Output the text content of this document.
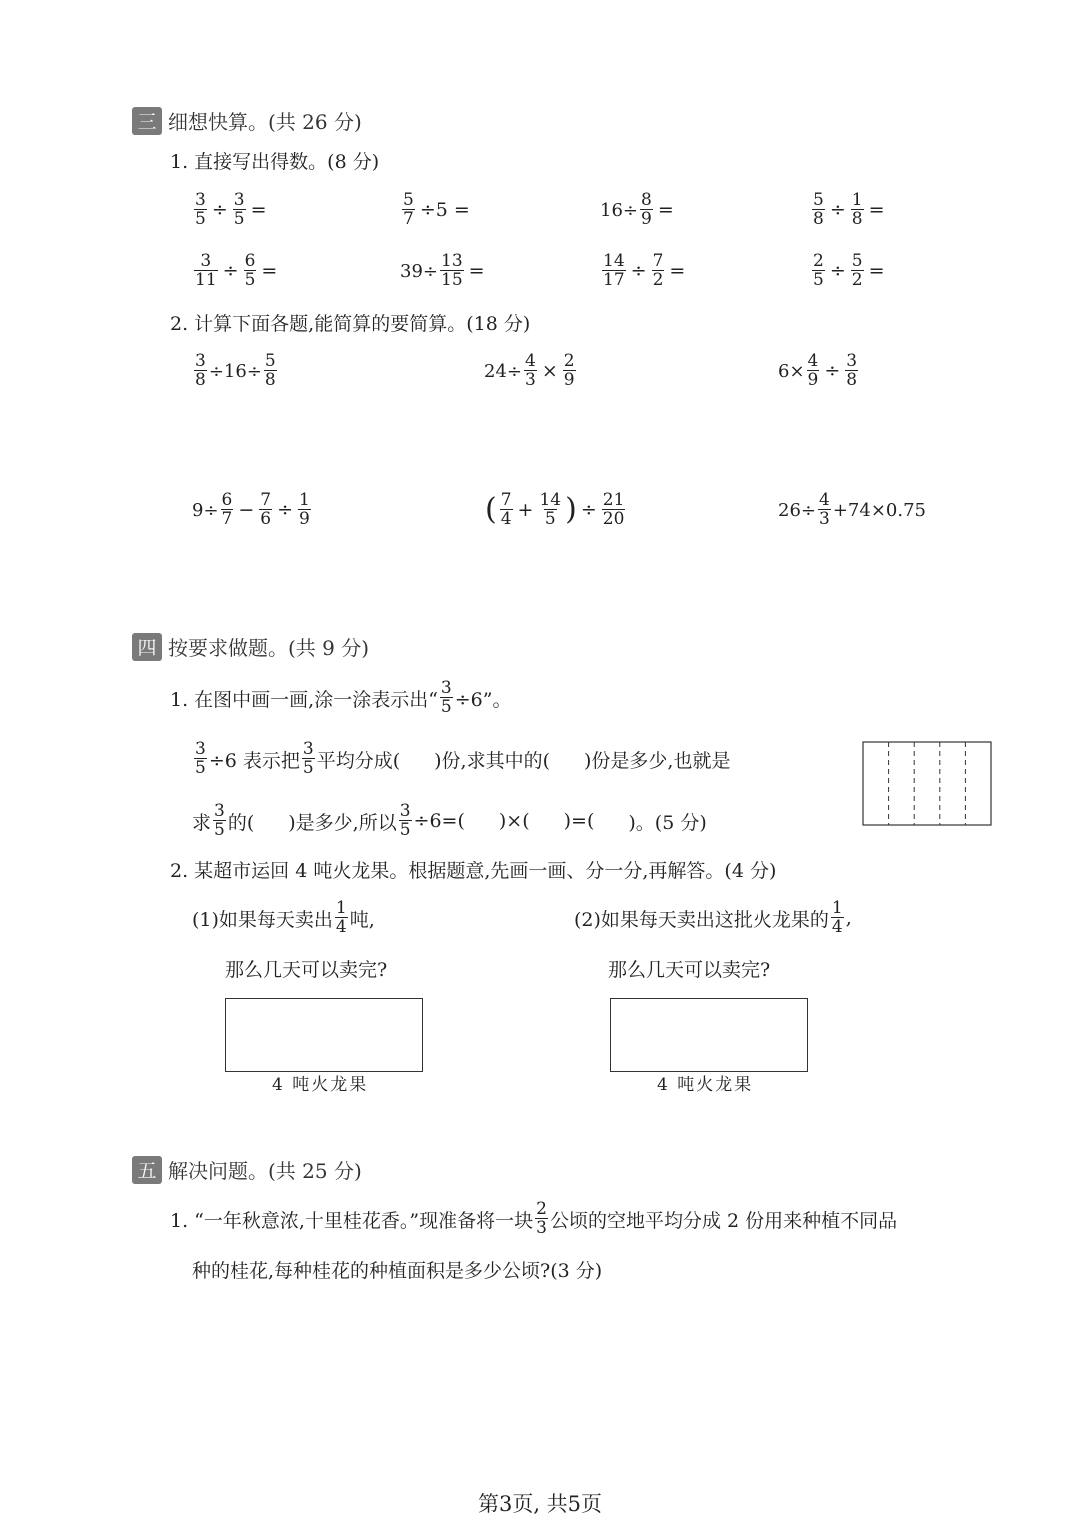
三 细想快算。(共 26 分)
1. 直接写出得数。(8 分)
$\frac{3}{5} \div \frac{3}{5}$ =	$\frac{5}{7} \div 5$ =	$16\div \frac{8}{9}$ =	$\frac{5}{8} \div \frac{1}{8}$ =
$\frac{3}{11} \div \frac{6}{5}$ =	$39\div \frac{13}{15}$ =	$\frac{14}{17} \div \frac{7}{2}$ =	$\frac{2}{5} \div \frac{5}{2}$ =
2. 计算下面各题,能简算的要简算。(18 分)
$\frac{3}{8} \div 16\div \frac{5}{8}$	$24\div \frac{4}{3} \times \frac{2}{9}$	$6\times \frac{4}{9} \div \frac{3}{8}$
$9\div \frac{6}{7} - \frac{7}{6} \div \frac{1}{9}$	( $\frac{7}{4} + \frac{14}{5}$ ) ÷ $\frac{21}{20}$	$26\div \frac{4}{3} +74\times 0.75$
四 按要求做题。(共 9 分)
1. 在图中画一画,涂一涂表示出“ $\frac{3}{5} \div 6$”。
$\frac{3}{5} \div 6$ 表示把 $\frac{3}{5}$ 平均分成( )份,求其中的( )份是多少,也就是
求 $\frac{3}{5}$ 的( )是多少,所以 $\frac{3}{5} \div 6=$( )×( )=( )。(5 分)
2. 某超市运回 4 吨火龙果。根据题意,先画一画、分一分,再解答。(4 分)
(1)如果每天卖出 $\frac{1}{4}$ 吨,
那么几天可以卖完?
(2)如果每天卖出这批火龙果的 $\frac{1}{4}$ ,
那么几天可以卖完?
4 吨火龙果	4 吨火龙果
五 解决问题。(共 25 分)
1. “一年秋意浓,十里桂花香。”现准备将一块 $\frac{2}{3}$ 公顷的空地平均分成 2 份用来种植不同品
种的桂花,每种桂花的种植面积是多少公顷?(3 分)
第3页, 共5页
